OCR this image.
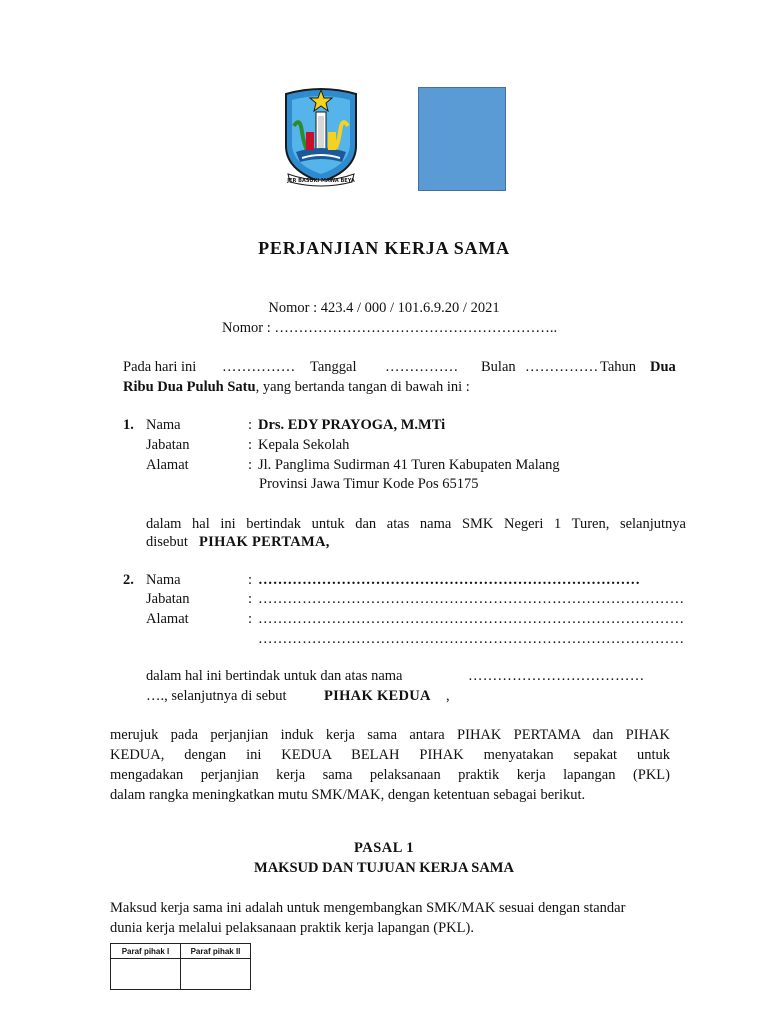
JER BASUKI MAWA BEYA
PERJANJIAN KERJA SAMA
Nomor : 423.4 / 000 / 101.6.9.20 / 2021
Nomor : …………………………………………………..
Pada hari ini …………… Tanggal …………… Bulan …………… Tahun Dua
Ribu Dua Puluh Satu, yang bertanda tangan di bawah ini :
1. Nama	: Drs. EDY PRAYOGA, M.MTi
Jabatan	: Kepala Sekolah
Alamat	: Jl. Panglima Sudirman 41 Turen Kabupaten Malang
Provinsi Jawa Timur Kode Pos 65175
dalam hal ini bertindak untuk dan atas nama SMK Negeri 1 Turen, selanjutnya
disebut PIHAK PERTAMA,
2. Nama	: ……………………………………………………………………
Jabatan	: ……………………………………………………………………………
Alamat	: ……………………………………………………………………………
……………………………………………………………………………
dalam hal ini bertindak untuk dan atas nama	………………………………
…., selanjutnya di sebut	PIHAK KEDUA ,
merujuk pada perjanjian induk kerja sama antara PIHAK PERTAMA dan PIHAK
KEDUA, dengan ini KEDUA BELAH PIHAK menyatakan sepakat untuk
mengadakan perjanjian kerja sama pelaksanaan praktik kerja lapangan (PKL)
dalam rangka meningkatkan mutu SMK/MAK, dengan ketentuan sebagai berikut.
PASAL 1
MAKSUD DAN TUJUAN KERJA SAMA
Maksud kerja sama ini adalah untuk mengembangkan SMK/MAK sesuai dengan standar
dunia kerja melalui pelaksanaan praktik kerja lapangan (PKL).
Paraf pihak I	Paraf pihak II
